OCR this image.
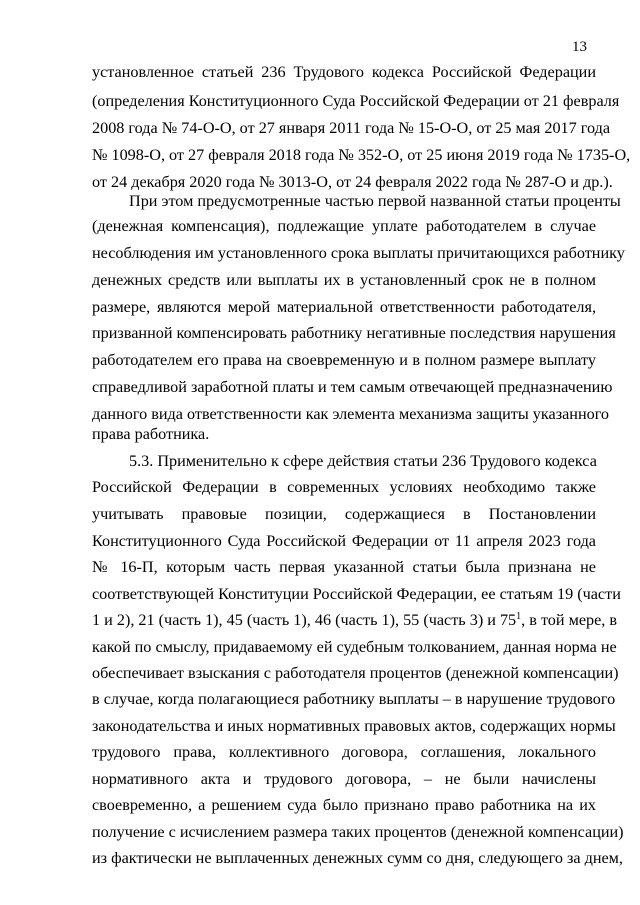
13
установленное статьей 236 Трудового кодекса Российской Федерации
(определения Конституционного Суда Российской Федерации от 21 февраля
2008 года № 74-О-О, от 27 января 2011 года № 15-О-О, от 25 мая 2017 года
№ 1098-О, от 27 февраля 2018 года № 352-О, от 25 июня 2019 года № 1735-О,
от 24 декабря 2020 года № 3013-О, от 24 февраля 2022 года № 287-О и др.).
При этом предусмотренные частью первой названной статьи проценты
(денежная компенсация), подлежащие уплате работодателем в случае
несоблюдения им установленного срока выплаты причитающихся работнику
денежных средств или выплаты их в установленный срок не в полном
размере, являются мерой материальной ответственности работодателя,
призванной компенсировать работнику негативные последствия нарушения
работодателем его права на своевременную и в полном размере выплату
справедливой заработной платы и тем самым отвечающей предназначению
данного вида ответственности как элемента механизма защиты указанного
права работника.
5.3. Применительно к сфере действия статьи 236 Трудового кодекса
Российской Федерации в современных условиях необходимо также
учитывать правовые позиции, содержащиеся в Постановлении
Конституционного Суда Российской Федерации от 11 апреля 2023 года
№ 16-П, которым часть первая указанной статьи была признана не
соответствующей Конституции Российской Федерации, ее статьям 19 (части
1 и 2), 21 (часть 1), 45 (часть 1), 46 (часть 1), 55 (часть 3) и $75^1$, в той мере, в
какой по смыслу, придаваемому ей судебным толкованием, данная норма не
обеспечивает взыскания с работодателя процентов (денежной компенсации)
в случае, когда полагающиеся работнику выплаты – в нарушение трудового
законодательства и иных нормативных правовых актов, содержащих нормы
трудового права, коллективного договора, соглашения, локального
нормативного акта и трудового договора, – не были начислены
своевременно, а решением суда было признано право работника на их
получение с исчислением размера таких процентов (денежной компенсации)
из фактически не выплаченных денежных сумм со дня, следующего за днем,
